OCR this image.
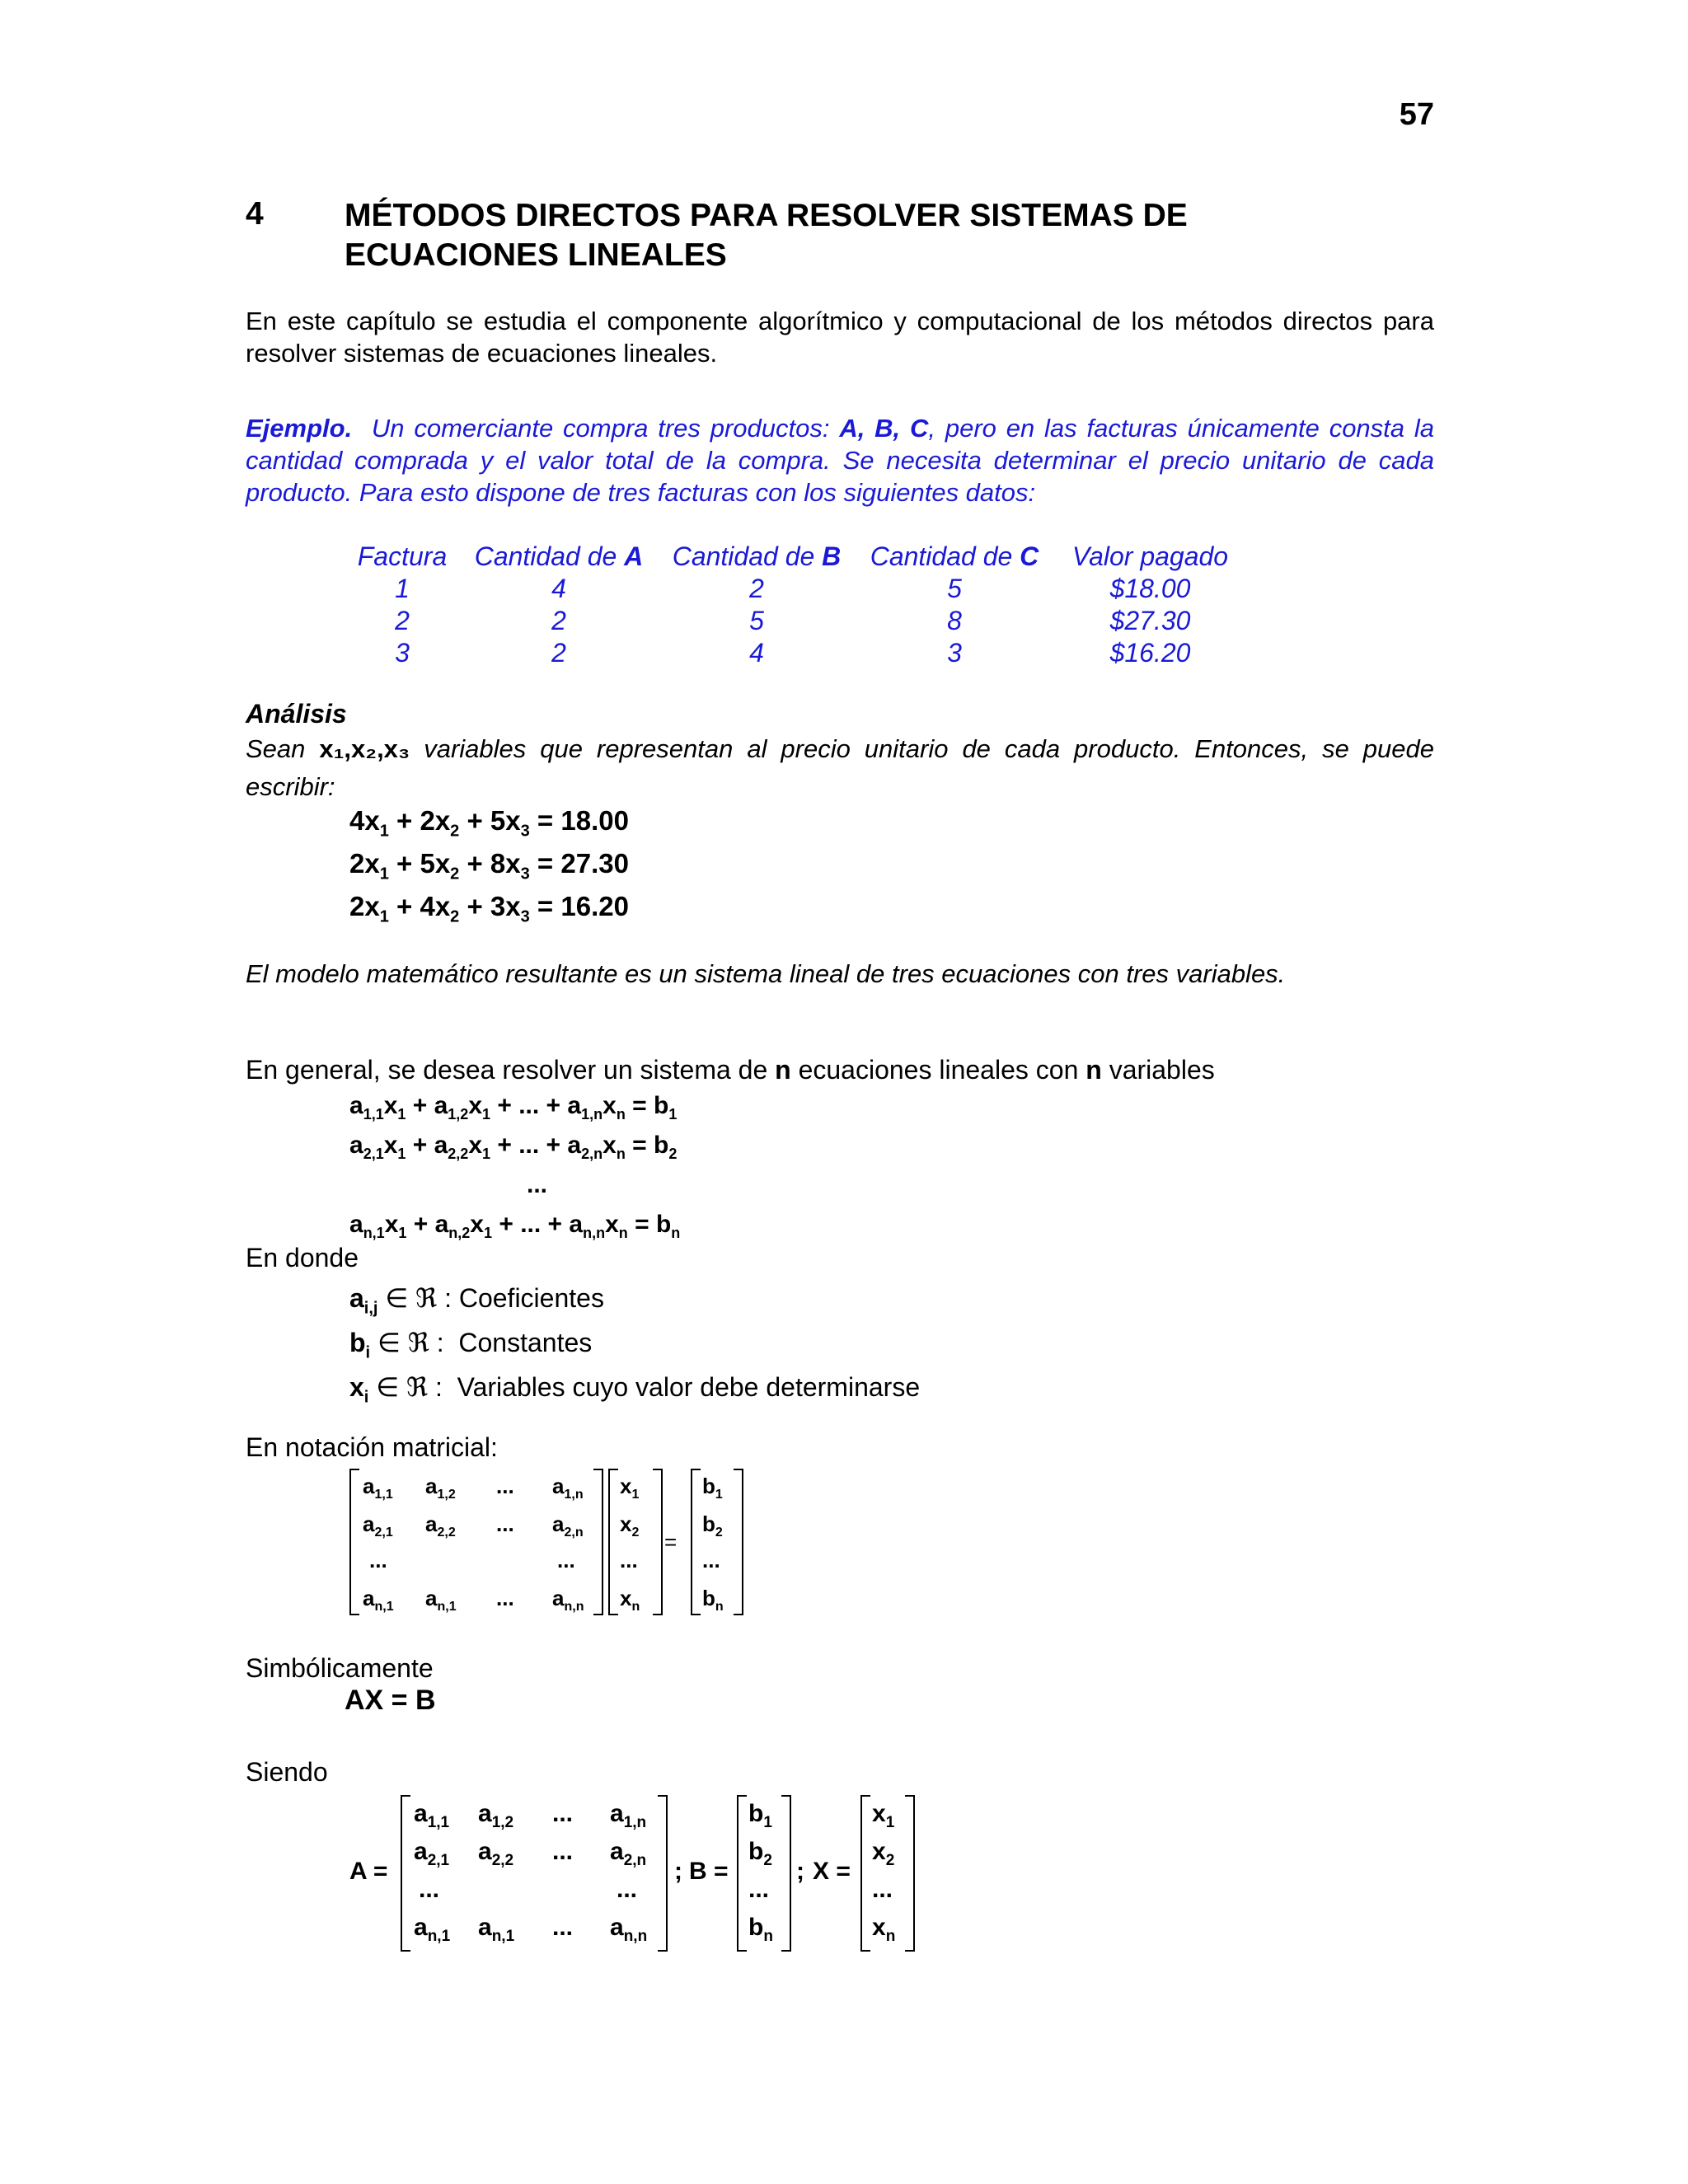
57
4	MÉTODOS DIRECTOS PARA RESOLVER SISTEMAS DE ECUACIONES LINEALES
En este capítulo se estudia el componente algorítmico y computacional de los métodos directos para resolver sistemas de ecuaciones lineales.
Ejemplo. Un comerciante compra tres productos: A, B, C, pero en las facturas únicamente consta la cantidad comprada y el valor total de la compra. Se necesita determinar el precio unitario de cada producto. Para esto dispone de tres facturas con los siguientes datos:
Factura	Cantidad de A	Cantidad de B	Cantidad de C	Valor pagado
1	4	2	5	$18.00
2	2	5	8	$27.30
3	2	4	3	$16.20
Análisis
Sean x₁,x₂,x₃ variables que representan al precio unitario de cada producto. Entonces, se puede escribir:
$4x_1 + 2x_2 + 5x_3 = 18.00$
$2x_1 + 5x_2 + 8x_3 = 27.30$
$2x_1 + 4x_2 + 3x_3 = 16.20$
El modelo matemático resultante es un sistema lineal de tres ecuaciones con tres variables.
En general, se desea resolver un sistema de n ecuaciones lineales con n variables
$a_{1,1}x_1 + a_{1,2}x_1$ + ... + $a_{1,n}x_n = b_1$
$a_{2,1}x_1 + a_{2,2}x_1$ + ... + $a_{2,n}x_n = b_2$
...
$a_{n,1}x_1 + a_{n,2}x_1$ + ... + $a_{n,n}x_n = b_n$
En donde
$a_{i,j}$ ∈ ℜ : Coeficientes
$b_i$ ∈ ℜ :  Constantes
$x_i$ ∈ ℜ :  Variables cuyo valor debe determinarse
En notación matricial:
$a_{1,1}$ $a_{1,2}$ ... $a_{1,n}$
$a_{2,1}$ $a_{2,2}$ ... $a_{2,n}$
...	...
$a_{n,1}$ $a_{n,1}$ ... $a_{n,n}$
$x_1$
$x_2$
...
$x_n$
=
$b_1$
$b_2$
...
$b_n$
Simbólicamente
AX = B
Siendo
A =
$a_{1,1}$ $a_{1,2}$ ... $a_{1,n}$
$a_{2,1}$ $a_{2,2}$ ... $a_{2,n}$
...	...
$a_{n,1}$ $a_{n,1}$ ... $a_{n,n}$
; B =
$b_1$
$b_2$
...
$b_n$
; X =
$x_1$
$x_2$
...
$x_n$
